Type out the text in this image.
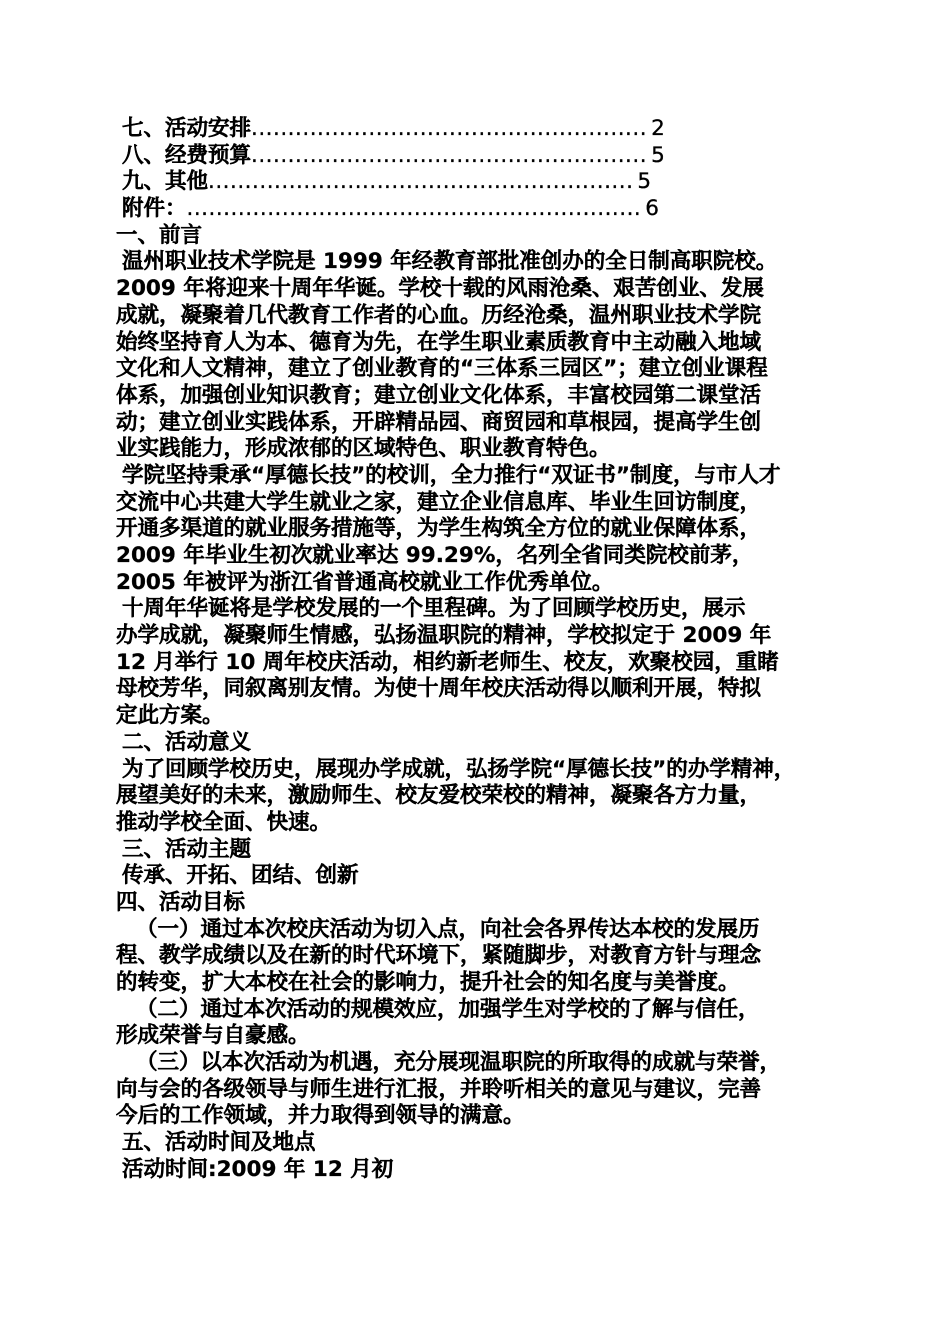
七、活动安排 ...................................................... 2
八、经费预算 ...................................................... 5
九、其他 .......................................................... 5
附件： .............................................................. 6
一、前言
温州职业技术学院是 1999 年经教育部批准创办的全日制高职院校。
2009 年将迎来十周年华诞。学校十载的风雨沧桑、艰苦创业、发展
成就，凝聚着几代教育工作者的心血。历经沧桑，温州职业技术学院
始终坚持育人为本、德育为先，在学生职业素质教育中主动融入地域
文化和人文精神，建立了创业教育的“三体系三园区”；建立创业课程
体系，加强创业知识教育；建立创业文化体系，丰富校园第二课堂活
动；建立创业实践体系，开辟精品园、商贸园和草根园，提高学生创
业实践能力，形成浓郁的区域特色、职业教育特色。
学院坚持秉承“厚德长技”的校训，全力推行“双证书”制度，与市人才
交流中心共建大学生就业之家，建立企业信息库、毕业生回访制度，
开通多渠道的就业服务措施等，为学生构筑全方位的就业保障体系，
2009 年毕业生初次就业率达 99.29%，名列全省同类院校前茅，
2005 年被评为浙江省普通高校就业工作优秀单位。
十周年华诞将是学校发展的一个里程碑。为了回顾学校历史，展示
办学成就，凝聚师生情感，弘扬温职院的精神，学校拟定于 2009 年
12 月举行 10 周年校庆活动，相约新老师生、校友，欢聚校园，重睹
母校芳华，同叙离别友情。为使十周年校庆活动得以顺利开展，特拟
定此方案。
二、活动意义
为了回顾学校历史，展现办学成就，弘扬学院“厚德长技”的办学精神，
展望美好的未来，激励师生、校友爱校荣校的精神，凝聚各方力量，
推动学校全面、快速。
三、活动主题
传承、开拓、团结、创新
四、活动目标
（一）通过本次校庆活动为切入点，向社会各界传达本校的发展历
程、教学成绩以及在新的时代环境下，紧随脚步，对教育方针与理念
的转变，扩大本校在社会的影响力，提升社会的知名度与美誉度。
（二）通过本次活动的规模效应，加强学生对学校的了解与信任，
形成荣誉与自豪感。
（三）以本次活动为机遇，充分展现温职院的所取得的成就与荣誉，
向与会的各级领导与师生进行汇报，并聆听相关的意见与建议，完善
今后的工作领域，并力取得到领导的满意。
五、活动时间及地点
活动时间:2009 年 12 月初
